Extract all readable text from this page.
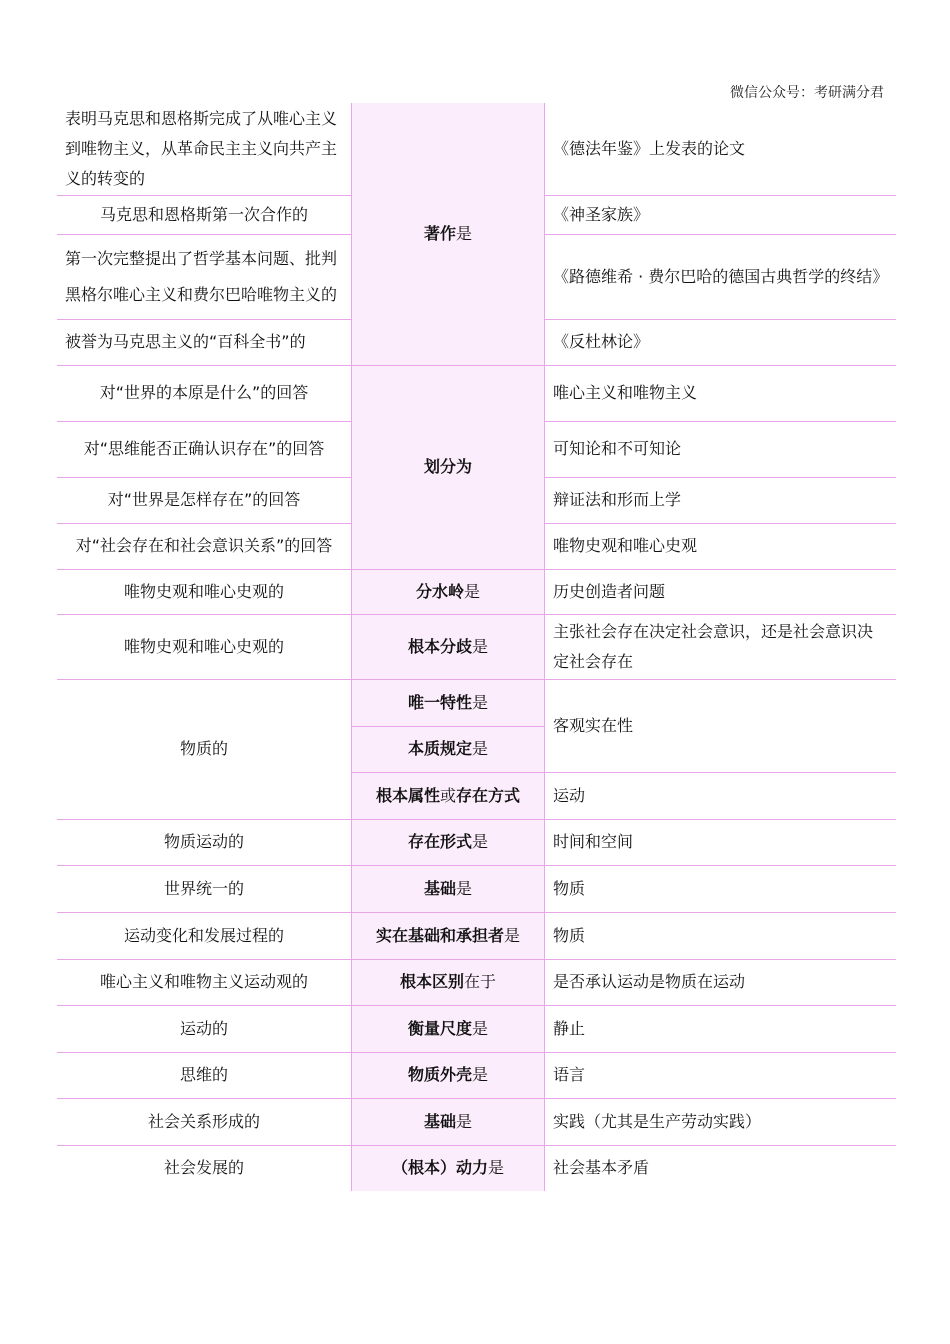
微信公众号：考研满分君
表明马克思和恩格斯完成了从唯心主义到唯物主义，从革命民主主义向共产主义的转变的	著作是	《德法年鉴》上发表的论文
马克思和恩格斯第一次合作的		《神圣家族》
第一次完整提出了哲学基本问题、批判黑格尔唯心主义和费尔巴哈唯物主义的		《路德维希 · 费尔巴哈的德国古典哲学的终结》
被誉为马克思主义的“百科全书”的		《反杜林论》
对“世界的本原是什么”的回答	划分为	唯心主义和唯物主义
对“思维能否正确认识存在”的回答		可知论和不可知论
对“世界是怎样存在”的回答		辩证法和形而上学
对“社会存在和社会意识关系”的回答		唯物史观和唯心史观
唯物史观和唯心史观的	分水岭是	历史创造者问题
唯物史观和唯心史观的	根本分歧是	主张社会存在决定社会意识，还是社会意识决定社会存在
物质的	唯一特性是	客观实在性
	本质规定是	
	根本属性或存在方式	运动
物质运动的	存在形式是	时间和空间
世界统一的	基础是	物质
运动变化和发展过程的	实在基础和承担者是	物质
唯心主义和唯物主义运动观的	根本区别在于	是否承认运动是物质在运动
运动的	衡量尺度是	静止
思维的	物质外壳是	语言
社会关系形成的	基础是	实践（尤其是生产劳动实践）
社会发展的	（根本）动力是	社会基本矛盾
